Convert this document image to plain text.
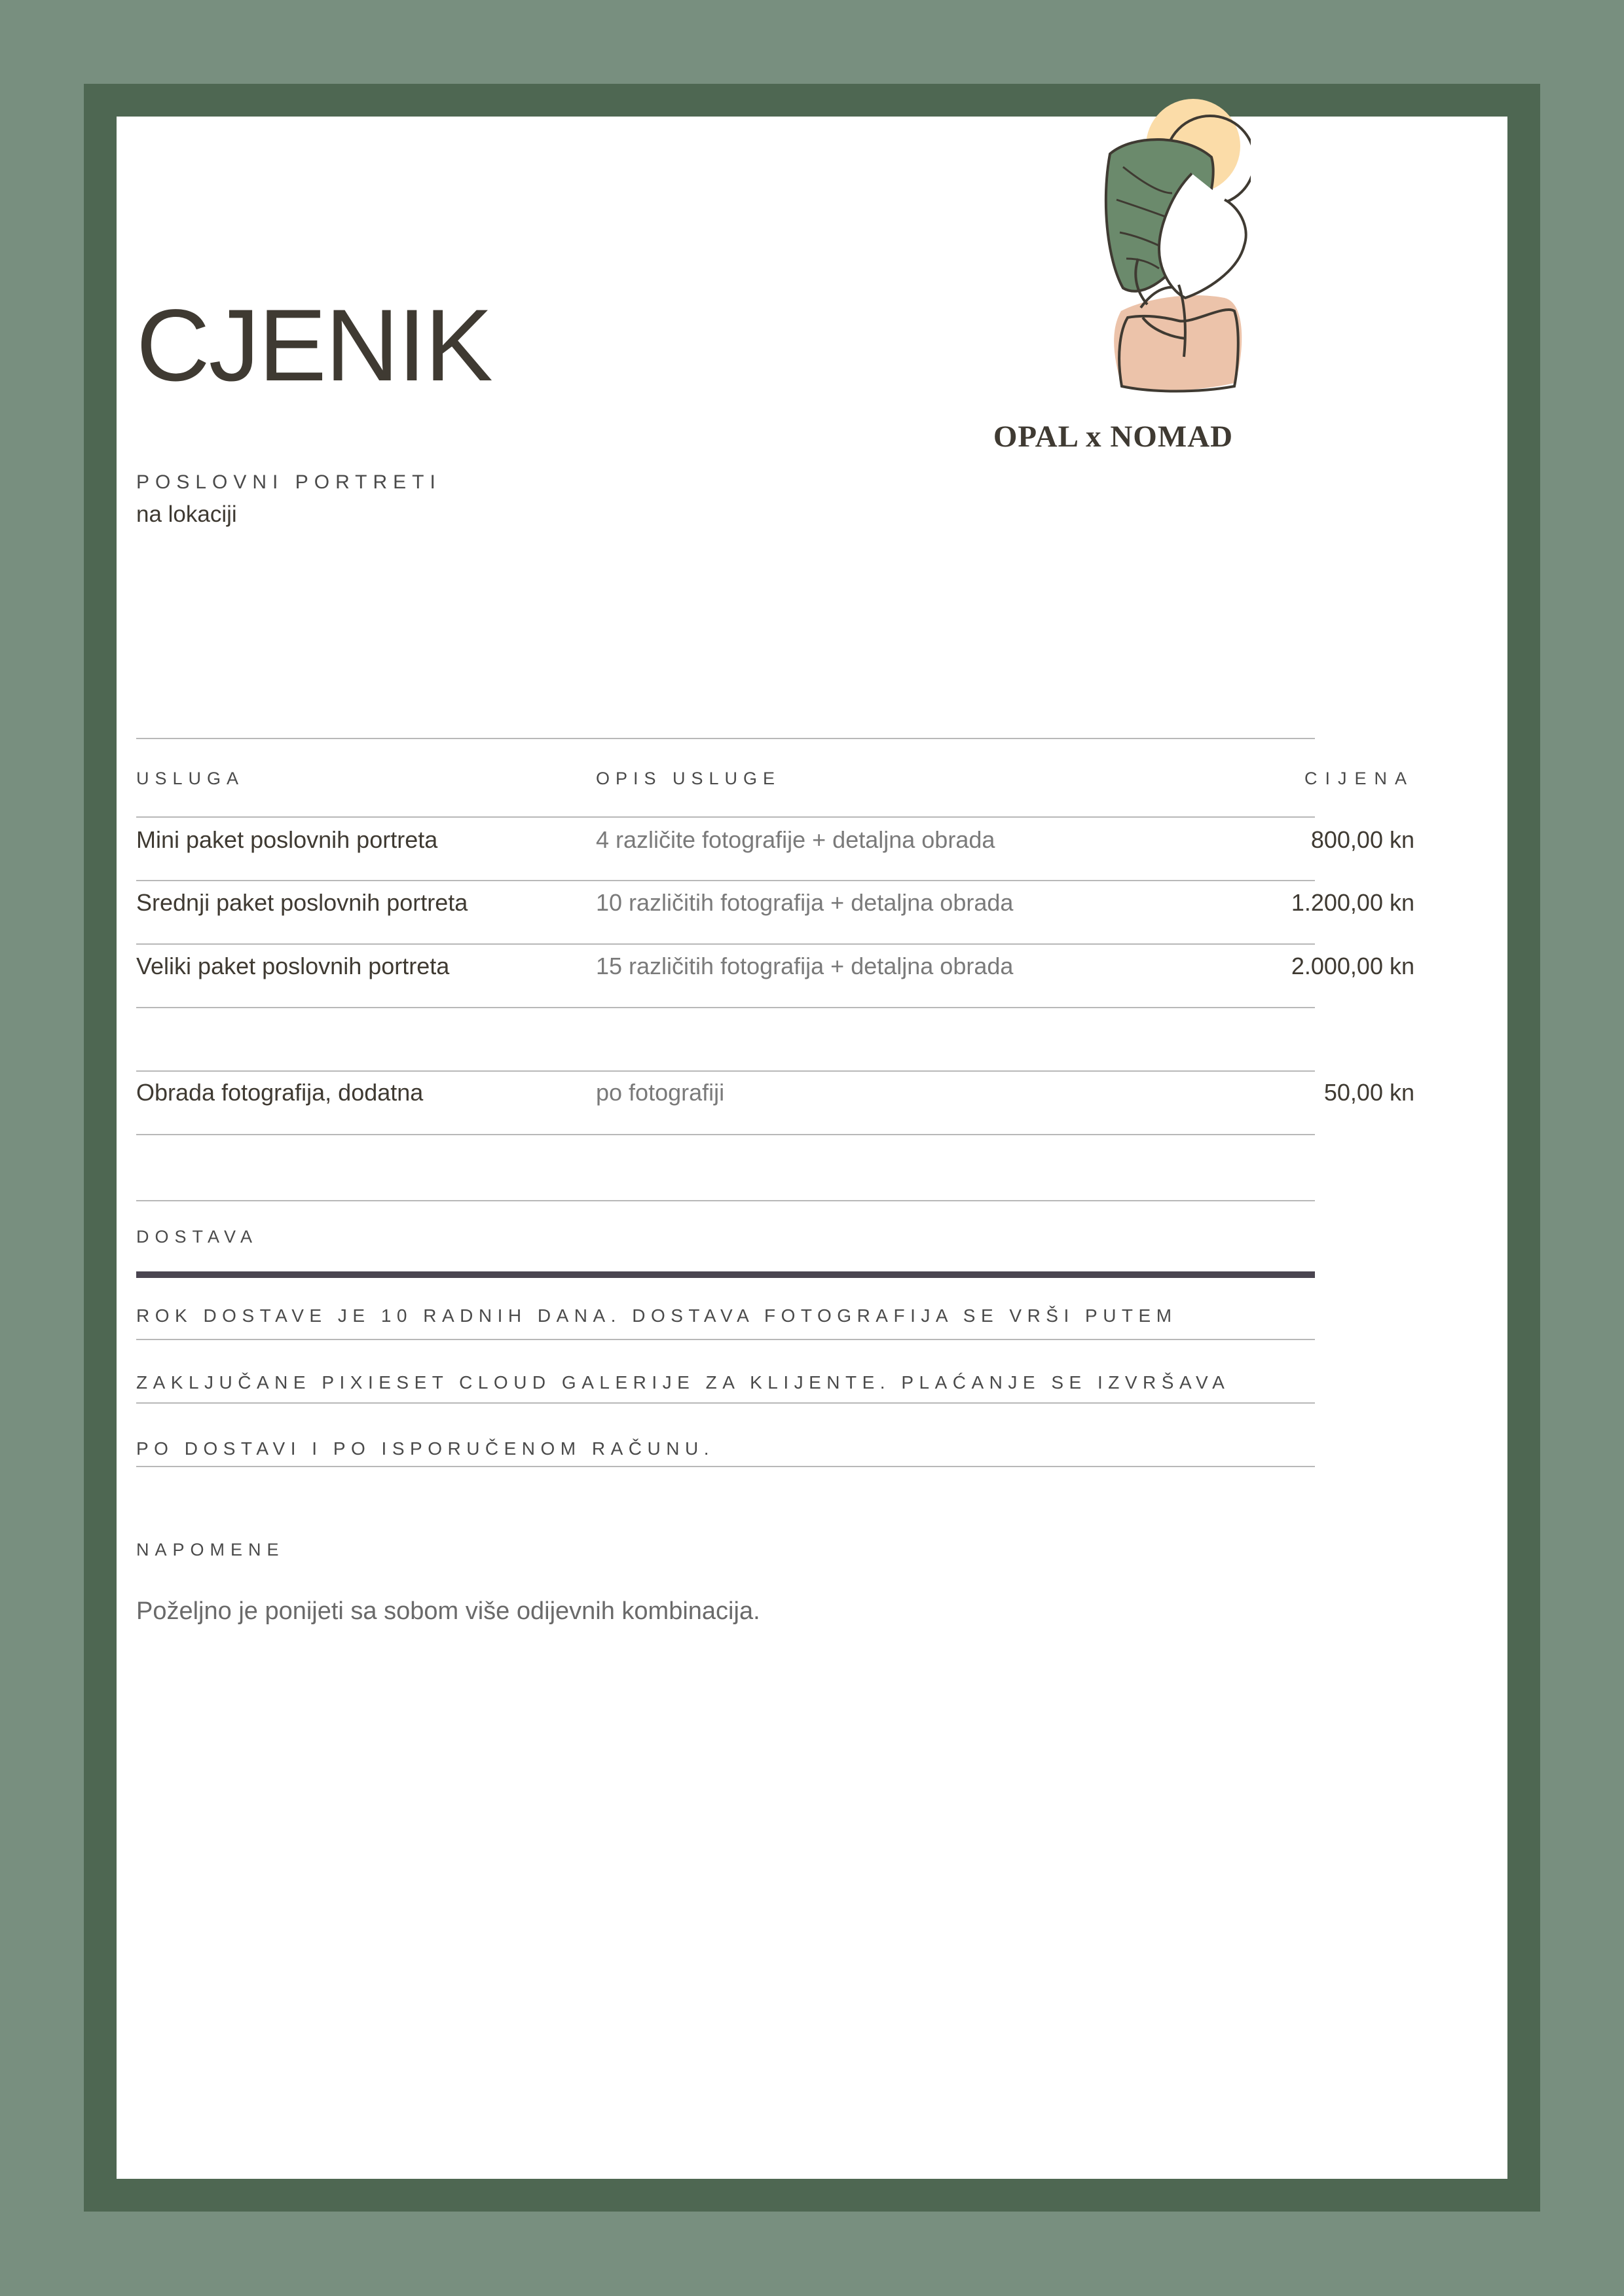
CJENIK
POSLOVNI PORTRETI
na lokaciji
OPAL x NOMAD
USLUGA	OPIS USLUGE	CIJENA
Mini paket poslovnih portreta	4 različite fotografije + detaljna obrada	800,00 kn
Srednji paket poslovnih portreta	10 različitih fotografija + detaljna obrada	1.200,00 kn
Veliki paket poslovnih portreta	15 različitih fotografija + detaljna obrada	2.000,00 kn
Obrada fotografija, dodatna	po fotografiji	50,00 kn
DOSTAVA
ROK DOSTAVE JE 10 RADNIH DANA. DOSTAVA FOTOGRAFIJA SE VRŠI PUTEM
ZAKLJUČANE PIXIESET CLOUD GALERIJE ZA KLIJENTE. PLAĆANJE SE IZVRŠAVA
PO DOSTAVI I PO ISPORUČENOM RAČUNU.
NAPOMENE
Poželjno je ponijeti sa sobom više odijevnih kombinacija.
